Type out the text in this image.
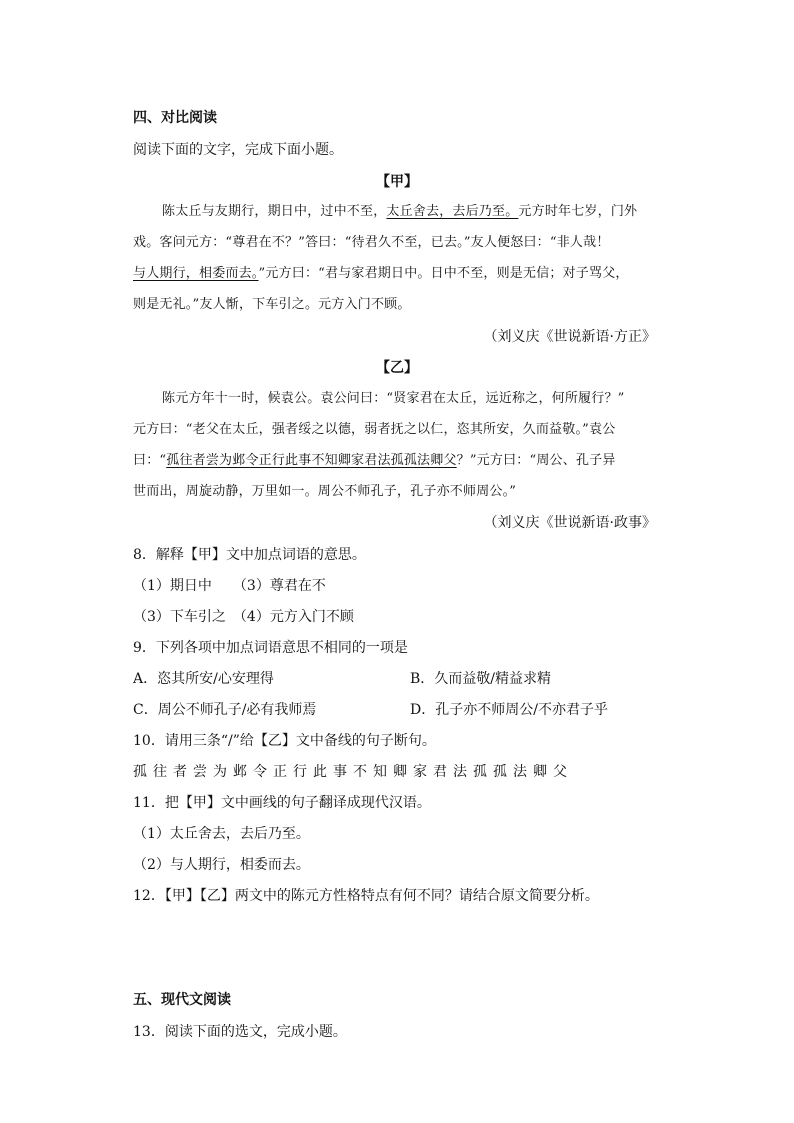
四、对比阅读
阅读下面的文字，完成下面小题。
【甲】
陈太丘与友期行，期日中，过中不至，太丘舍去，去后乃至。元方时年七岁，门外
戏。客问元方：“尊君在不？”答曰：“待君久不至，已去。”友人便怒曰：“非人哉！
与人期行，相委而去。”元方曰：“君与家君期日中。日中不至，则是无信；对子骂父，
则是无礼。”友人惭，下车引之。元方入门不顾。
（刘义庆《世说新语·方正》
【乙】
陈元方年十一时，候袁公。袁公问曰：“贤家君在太丘，远近称之，何所履行？”
元方曰：“老父在太丘，强者绥之以德，弱者抚之以仁，恣其所安，久而益敬。”袁公
曰：“孤往者尝为邺令正行此事不知卿家君法孤孤法卿父？”元方曰：“周公、孔子异
世而出，周旋动静，万里如一。周公不师孔子，孔子亦不师周公。”
（刘义庆《世说新语·政事》
8．解释【甲】文中加点词语的意思。
（1）期日中　　（3）尊君在不
（3）下车引之　（4）元方入门不顾
9．下列各项中加点词语意思不相同的一项是
A．恣其所安/心安理得	B．久而益敬/精益求精
C．周公不师孔子/必有我师焉	D．孔子亦不师周公/不亦君子乎
10．请用三条“/”给【乙】文中备线的句子断句。
孤往者尝为邺令正行此事不知卿家君法孤孤法卿父
11．把【甲】文中画线的句子翻译成现代汉语。
（1）太丘舍去，去后乃至。
（2）与人期行，相委而去。
12．【甲】【乙】两文中的陈元方性格特点有何不同？请结合原文简要分析。
五、现代文阅读
13．阅读下面的选文，完成小题。
